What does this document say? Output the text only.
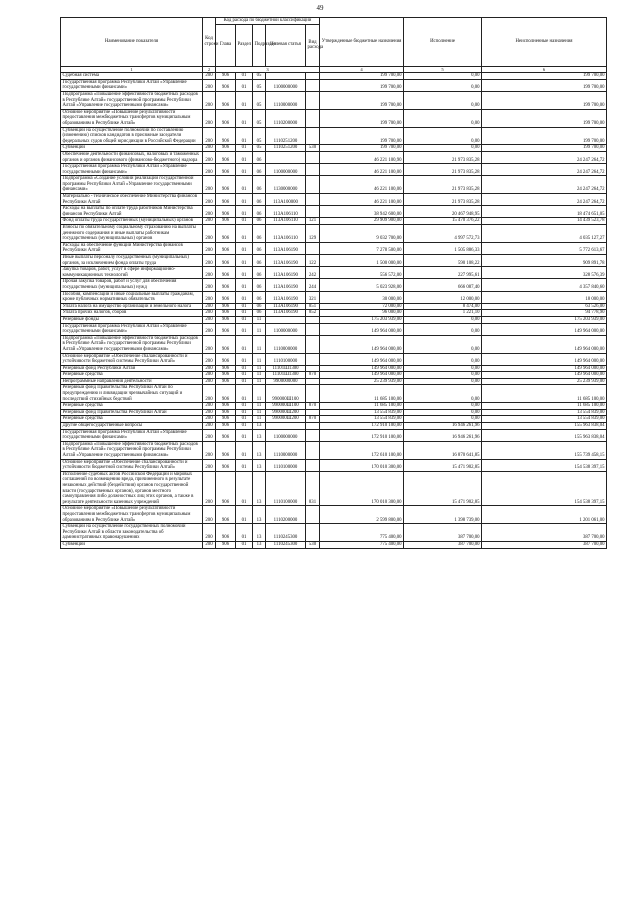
49
Наименование показателя	Код строки	Код расхода по бюджетной классификации					Утвержденные бюджетные назначения	Исполнение	Неисполненные назначения
		Глава	Раздел	Подраздел	Целевая статья	Вид расхода			
1	2	3					4	5	6
Судебная система	200	906	01	05			199 700,00	0,00	199 700,00
Государственная программа Республики Алтай «Управление государственными финансами»	200	906	01	05	1100000000		199 700,00	0,00	199 700,00
Подпрограмма «Повышение эффективности бюджетных расходов в Республике Алтай» государственной программы Республики Алтай «Управление государственными финансами»	200	906	01	05	1110000000		199 700,00	0,00	199 700,00
Основное мероприятие «Повышение результативности предоставления межбюджетных трансфертов муниципальным образованиям в Республике Алтай»	200	906	01	05	1110200000		199 700,00	0,00	199 700,00
Субвенции на осуществление полномочий по составлению (изменению) списков кандидатов в присяжные заседатели федеральных судов общей юрисдикции в Российской Федерации	200	906	01	05	1110251200		199 700,00	0,00	199 700,00
Субвенции	200	906	01	05	1110251200	530	199 700,00	0,00	199 700,00
Обеспечение деятельности финансовых, налоговых и таможенных органов и органов финансового (финансово-бюджетного) надзора	200	906	01	06			46 221 100,90	21 973 835,28	24 247 264,72
Государственная программа Республики Алтай «Управление государственными финансами»	200	906	01	06	1100000000		46 221 100,00	21 973 835,28	24 247 264,72
Подпрограмма «Создание условий реализации государственной программы Республики Алтай «Управление государственными финансами»	200	906	01	06	1130000000		46 221 100,00	21 973 835,28	24 247 264,72
Материально - техническое обеспечение Министерства финансов Республики Алтай	200	906	01	06	113А100000		46 221 100,00	21 973 835,28	24 247 264,72
Расходы на выплаты по оплате труда работников Министерства финансов Республики Алтай	200	906	01	06	113А106110		38 942 600,00	20 467 948,95	18 474 651,05
Фонд оплаты труда государственных (муниципальных) органов	200	906	01	06	113А106110	121	29 909 900,00	15 470 376,22	14 439 523,78
Взносы по обязательному социальному страхованию на выплаты денежного содержания и иные выплаты работникам государственных (муниципальных) органов	200	906	01	06	113А106110	129	9 032 700,00	4 997 572,73	4 035 127,27
Расходы на обеспечение функций Министерства финансов Республики Алтай	200	906	01	06	113А106190		7 278 500,00	1 505 886,33	5 772 613,67
Иные выплаты персоналу государственных (муниципальных) органов, за исключением фонда оплаты труда	200	906	01	06	113А106190	122	1 500 000,00	590 108,22	909 891,78
Закупка товаров, работ, услуг в сфере информационно-коммуникационных технологий	200	906	01	06	113А106190	242	556 572,00	227 995,61	328 576,39
Прочая закупка товаров, работ и услуг для обеспечения государственных (муниципальных) нужд	200	906	01	06	113А106190	244	5 023 928,00	666 087,40	4 357 840,60
Пособия, компенсации и иные социальные выплаты гражданам, кроме публичных нормативных обязательств	200	906	01	06	113А106190	321	30 000,00	12 000,00	18 000,00
Уплата налога на имущество организаций и земельного налога	200	906	01	06	113А106190	851	72 000,00	8 474,00	63 526,00
Уплата прочих налогов, сборов	200	906	01	06	113А106190	852	96 000,00	1 221,10	94 778,90
Резервные фонды	200	906	01	11			175 203 939,00	0,00	175 203 939,00
Государственная программа Республики Алтай «Управление государственными финансами»	200	906	01	11	1100000000		149 964 000,00	0,00	149 964 000,00
Подпрограмма «Повышение эффективности бюджетных расходов в Республике Алтай» государственной программы Республики Алтай «Управление государственными финансами»	200	906	01	11	1110000000		149 964 000,00	0,00	149 964 000,00
Основное мероприятие «Обеспечение сбалансированности и устойчивости бюджетной системы Республики Алтай»	200	906	01	11	1110100000		149 964 000,00	0,00	149 964 000,00
Резервный фонд Республики Алтай	200	906	01	11	11101Ш1300		149 964 000,00	0,00	149 964 000,00
Резервные средства	200	906	01	11	11101Ш1300	870	149 964 000,00	0,00	149 964 000,00
Непрограммные направления деятельности	200	906	01	11	9900000000		25 239 939,00	0,00	25 239 939,00
Резервный фонд Правительства Республики Алтай по предупреждению и ликвидации чрезвычайных ситуаций и последствий стихийных бедствий	200	906	01	11	990000Ш100		11 685 100,00	0,00	11 685 100,00
Резервные средства	200	906	01	11	990000Ш100	870	11 685 100,00	0,00	11 685 100,00
Резервный фонд Правительства Республики Алтай	200	906	01	11	990000Ш200		13 554 839,00	0,00	13 554 839,00
Резервные средства	200	906	01	11	990000Ш200	870	13 554 839,00	0,00	13 554 839,00
Другие общегосударственные вопросы	200	906	01	13			172 910 100,00	16 946 261,96	155 963 838,04
Государственная программа Республики Алтай «Управление государственными финансами»	200	906	01	13	1100000000		172 910 100,00	16 946 261,96	155 963 838,04
Подпрограмма «Повышение эффективности бюджетных расходов в Республике Алтай» государственной программы Республики Алтай «Управление государственными финансами»	200	906	01	13	1110000000		172 610 100,00	16 870 641,85	155 739 458,15
Основное мероприятие «Обеспечение сбалансированности и устойчивости бюджетной системы Республики Алтай»	200	906	01	13	1110100000		170 010 300,00	15 471 902,85	154 538 397,15
Исполнение судебных актов Российской Федерации и мировых соглашений по возмещению вреда, причиненного в результате незаконных действий (бездействия) органов государственной власти (государственных органов), органов местного самоуправления либо должностных лиц этих органов, а также в результате деятельности казенных учреждений	200	906	01	13	1110100000	831	170 010 300,00	15 471 902,85	154 538 397,15
Основное мероприятие «Повышение результативности предоставления межбюджетных трансфертов муниципальным образованиям в Республике Алтай»	200	906	01	13	1110200000		2 599 800,00	1 398 739,00	1 201 061,00
Субвенции на осуществление государственных полномочий Республики Алтай в области законодательства об административных правонарушениях	200	906	01	13	1110245300		775 400,00	387 700,00	387 700,00
Субвенции	200	906	01	13	1110245300	530	775 400,00	387 700,00	387 700,00
